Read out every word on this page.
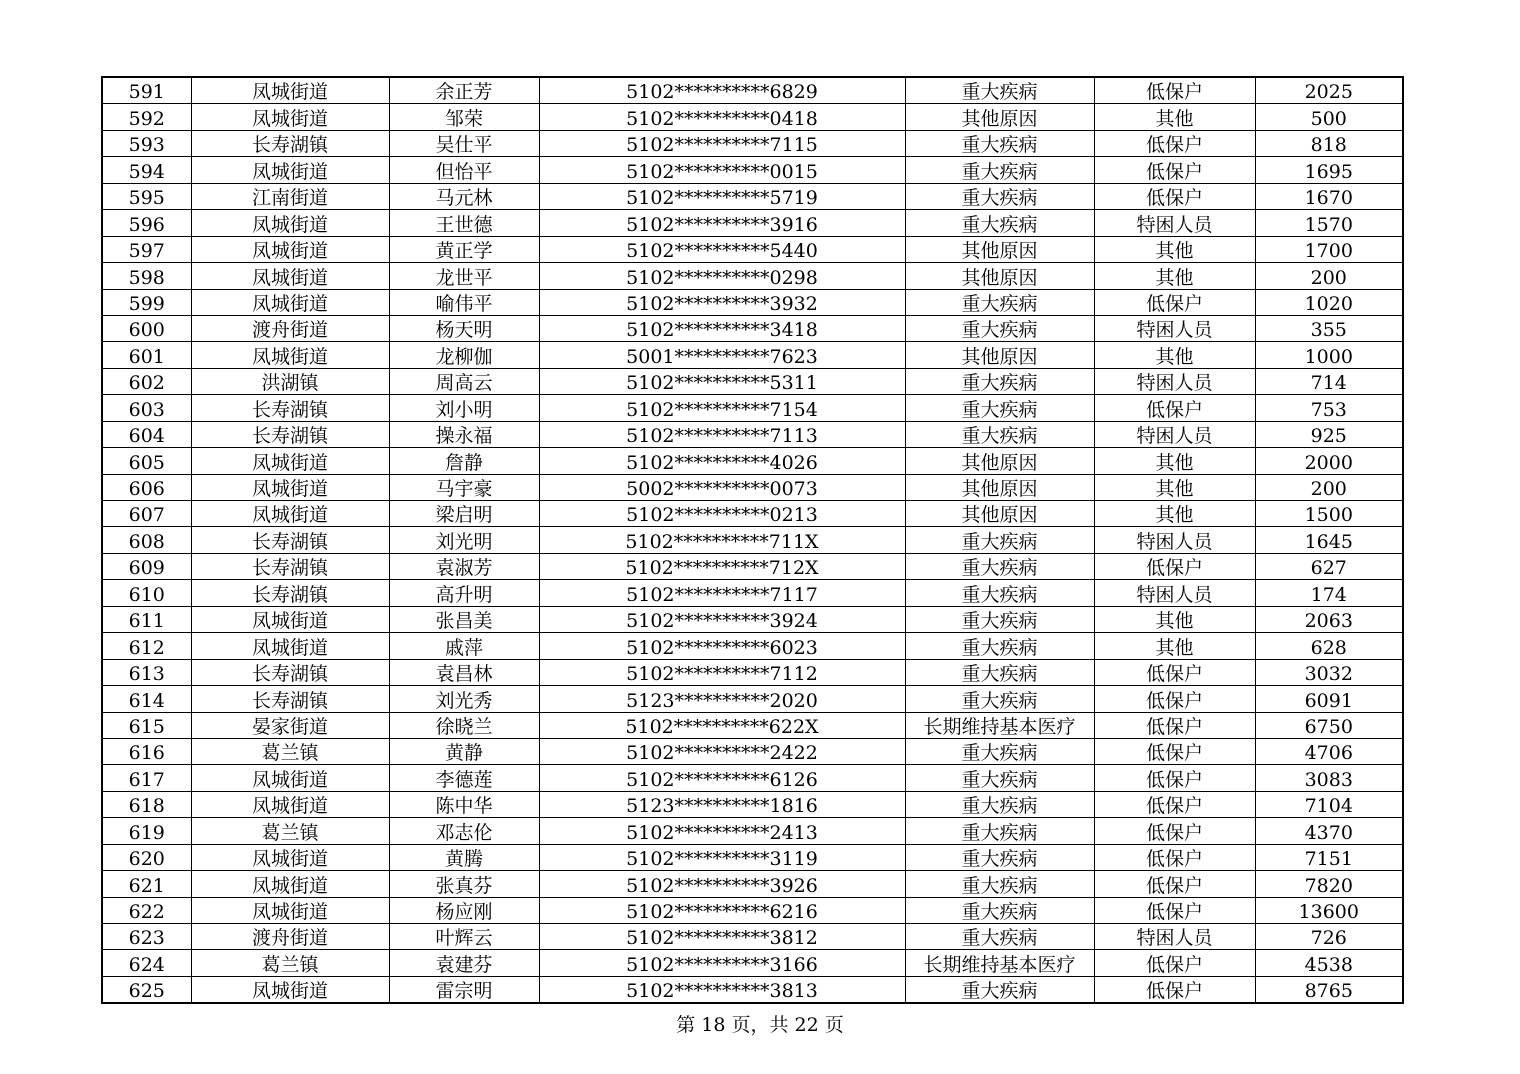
591	凤城街道	余正芳	5102**********6829	重大疾病	低保户	2025
592	凤城街道	邹荣	5102**********0418	其他原因	其他	500
593	长寿湖镇	吴仕平	5102**********7115	重大疾病	低保户	818
594	凤城街道	但怡平	5102**********0015	重大疾病	低保户	1695
595	江南街道	马元林	5102**********5719	重大疾病	低保户	1670
596	凤城街道	王世德	5102**********3916	重大疾病	特困人员	1570
597	凤城街道	黄正学	5102**********5440	其他原因	其他	1700
598	凤城街道	龙世平	5102**********0298	其他原因	其他	200
599	凤城街道	喻伟平	5102**********3932	重大疾病	低保户	1020
600	渡舟街道	杨天明	5102**********3418	重大疾病	特困人员	355
601	凤城街道	龙柳伽	5001**********7623	其他原因	其他	1000
602	洪湖镇	周高云	5102**********5311	重大疾病	特困人员	714
603	长寿湖镇	刘小明	5102**********7154	重大疾病	低保户	753
604	长寿湖镇	操永福	5102**********7113	重大疾病	特困人员	925
605	凤城街道	詹静	5102**********4026	其他原因	其他	2000
606	凤城街道	马宇豪	5002**********0073	其他原因	其他	200
607	凤城街道	梁启明	5102**********0213	其他原因	其他	1500
608	长寿湖镇	刘光明	5102**********711X	重大疾病	特困人员	1645
609	长寿湖镇	袁淑芳	5102**********712X	重大疾病	低保户	627
610	长寿湖镇	高升明	5102**********7117	重大疾病	特困人员	174
611	凤城街道	张昌美	5102**********3924	重大疾病	其他	2063
612	凤城街道	戚萍	5102**********6023	重大疾病	其他	628
613	长寿湖镇	袁昌林	5102**********7112	重大疾病	低保户	3032
614	长寿湖镇	刘光秀	5123**********2020	重大疾病	低保户	6091
615	晏家街道	徐晓兰	5102**********622X	长期维持基本医疗	低保户	6750
616	葛兰镇	黄静	5102**********2422	重大疾病	低保户	4706
617	凤城街道	李德莲	5102**********6126	重大疾病	低保户	3083
618	凤城街道	陈中华	5123**********1816	重大疾病	低保户	7104
619	葛兰镇	邓志伦	5102**********2413	重大疾病	低保户	4370
620	凤城街道	黄腾	5102**********3119	重大疾病	低保户	7151
621	凤城街道	张真芬	5102**********3926	重大疾病	低保户	7820
622	凤城街道	杨应刚	5102**********6216	重大疾病	低保户	13600
623	渡舟街道	叶辉云	5102**********3812	重大疾病	特困人员	726
624	葛兰镇	袁建芬	5102**********3166	长期维持基本医疗	低保户	4538
625	凤城街道	雷宗明	5102**********3813	重大疾病	低保户	8765
第 18 页，共 22 页
